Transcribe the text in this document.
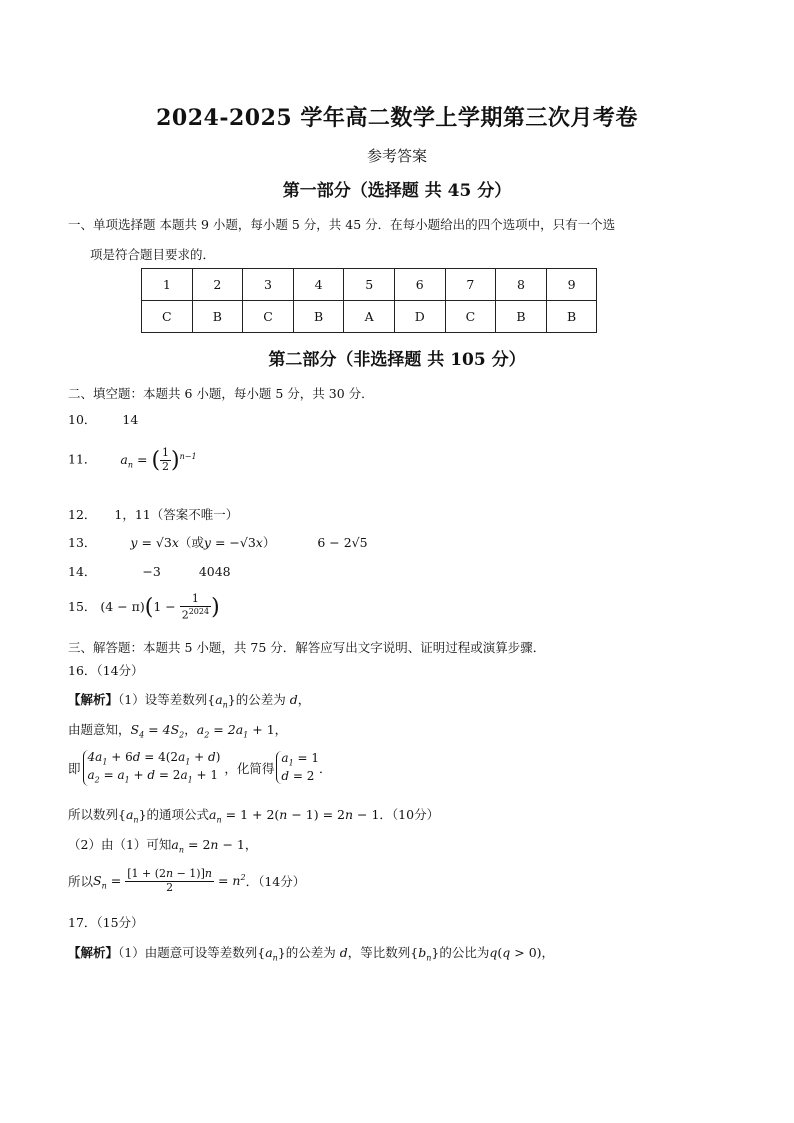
2024-2025 学年高二数学上学期第三次月考卷
参考答案
第一部分（选择题 共 45 分）
一、单项选择题 本题共 9 小题，每小题 5 分，共 45 分．在每小题给出的四个选项中，只有一个选
项是符合题目要求的．
1	2	3	4	5	6	7	8	9
C	B	C	B	A	D	C	B	B
第二部分（非选择题 共 105 分）
二、填空题：本题共 6 小题，每小题 5 分，共 30 分．
10． 14
11． $a_n$ = ( $\frac{1}{2} )^{n-1}$
12． 1，11（答案不唯一）
13．	y = √3x（或y = −√3x）	6 − 2√5
14．	−3	4048
15． $(4 - \pi)(1 - \frac{1}{2^{2024}}$ )
三、解答题：本题共 5 小题，共 75 分．解答应写出文字说明、证明过程或演算步骤．
16．（14分）
【解析】（1）设等差数列$\{a_n\}$的公差为 d，
由题意知，$S_4 = 4S_2$，$a_2 = 2a_1 + 1$，
即$4a_1 + 6d = 4(2a_1 + d)$
$a_2 = a_1 + d = 2a_1 + 1$ ，化简得$a_1 = 1$
d = 2．
所以数列$\{a_n\}$的通项公式$a_n = 1 + 2(n - 1) = 2n - 1$．（10分）
（2）由（1）可知$a_n = 2n - 1$，
所以$S_n = \frac{[1 + (2n - 1)]n}{2} = n^2$．（14分）
17．（15分）
【解析】（1）由题意可设等差数列$\{a_n\}$的公差为 d，等比数列$\{b_n\}$的公比为q(q > 0)，
